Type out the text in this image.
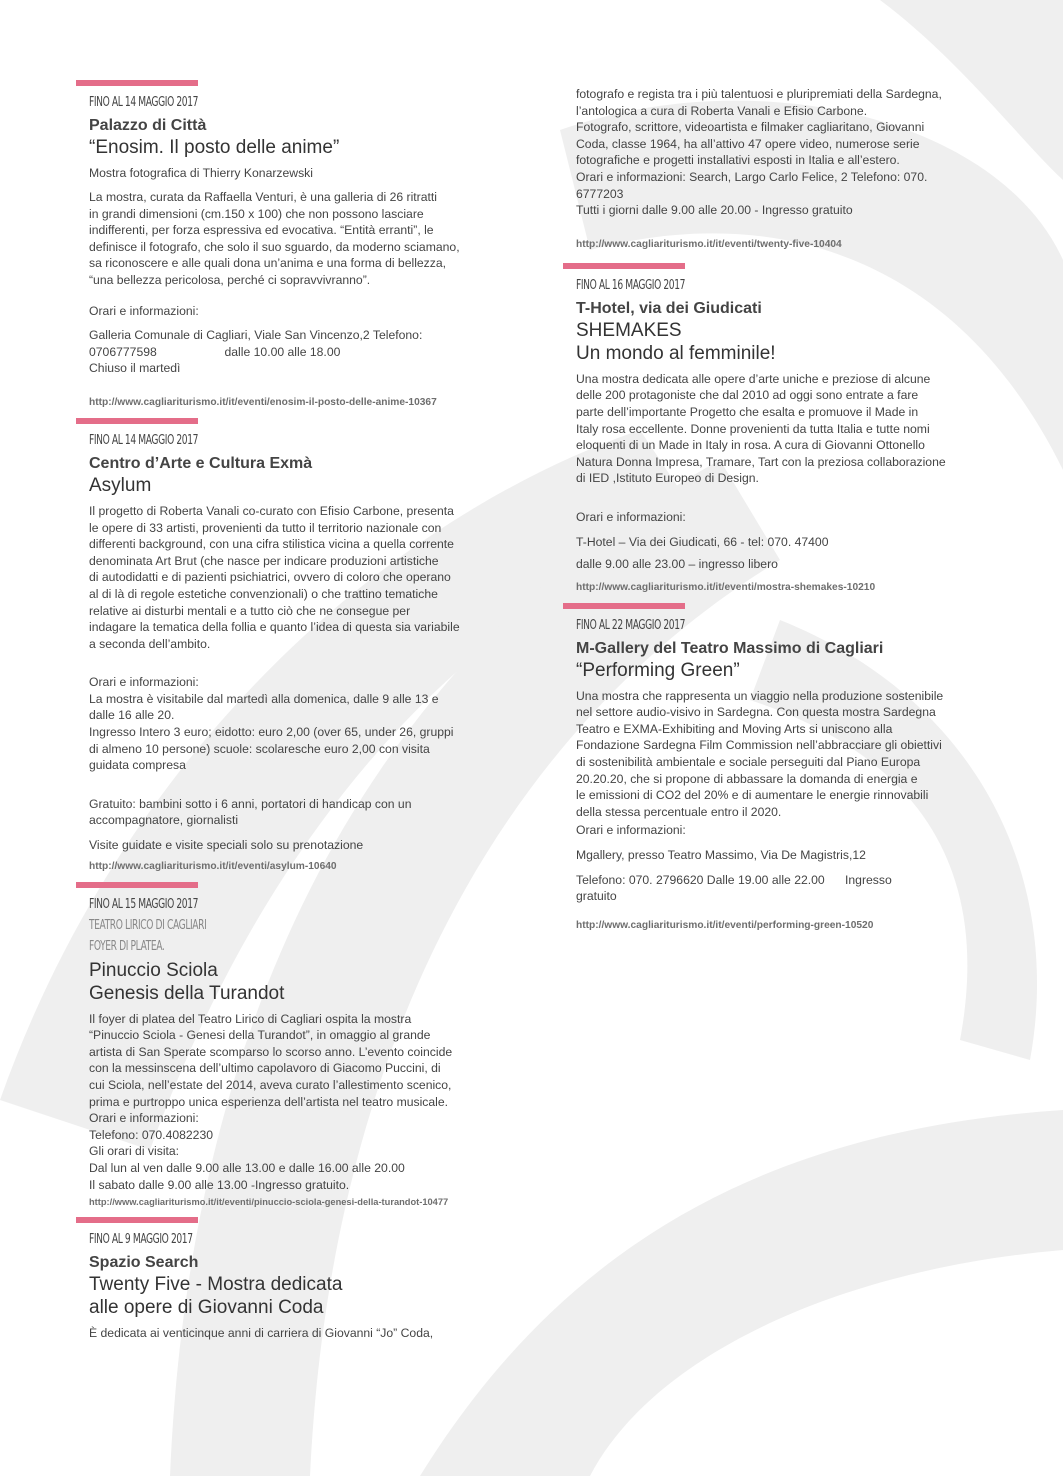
FINO AL 14 MAGGIO 2017
Palazzo di Città
“Enosim. Il posto delle anime”
Mostra fotografica di Thierry Konarzewski
La mostra, curata da Raffaella Venturi, è una galleria di 26 ritratti
in grandi dimensioni (cm.150 x 100) che non possono lasciare
indifferenti, per forza espressiva ed evocativa. “Entità erranti”, le
definisce il fotografo, che solo il suo sguardo, da moderno sciamano,
sa riconoscere e alle quali dona un’anima e una forma di bellezza,
“una bellezza pericolosa, perché ci sopravvivranno”.
Orari e informazioni:
Galleria Comunale di Cagliari, Viale San Vincenzo,2 Telefono:
0706777598                    dalle 10.00 alle 18.00
Chiuso il martedì
http://www.cagliariturismo.it/it/eventi/enosim-il-posto-delle-anime-10367
FINO AL 14 MAGGIO 2017
Centro d’Arte e Cultura Exmà
Asylum
Il progetto di Roberta Vanali co-curato con Efisio Carbone, presenta
le opere di 33 artisti, provenienti da tutto il territorio nazionale con
differenti background, con una cifra stilistica vicina a quella corrente
denominata Art Brut (che nasce per indicare produzioni artistiche
di autodidatti e di pazienti psichiatrici, ovvero di coloro che operano
al di là di regole estetiche convenzionali) o che trattino tematiche
relative ai disturbi mentali e a tutto ciò che ne consegue per
indagare la tematica della follia e quanto l’idea di questa sia variabile
a seconda dell’ambito.
Orari e informazioni:
La mostra è visitabile dal martedì alla domenica, dalle 9 alle 13 e
dalle 16 alle 20.
Ingresso Intero 3 euro; eidotto: euro 2,00 (over 65, under 26, gruppi
di almeno 10 persone) scuole: scolaresche euro 2,00 con visita
guidata compresa
Gratuito: bambini sotto i 6 anni, portatori di handicap con un
accompagnatore, giornalisti
Visite guidate e visite speciali solo su prenotazione
http://www.cagliariturismo.it/it/eventi/asylum-10640
FINO AL 15 MAGGIO 2017
TEATRO LIRICO DI CAGLIARI
FOYER DI PLATEA.
Pinuccio Sciola
Genesis della Turandot
Il foyer di platea del Teatro Lirico di Cagliari ospita la mostra
“Pinuccio Sciola - Genesi della Turandot”, in omaggio al grande
artista di San Sperate scomparso lo scorso anno. L’evento coincide
con la messinscena dell’ultimo capolavoro di Giacomo Puccini, di
cui Sciola, nell’estate del 2014, aveva curato l’allestimento scenico,
prima e purtroppo unica esperienza dell’artista nel teatro musicale.
Orari e informazioni:
Telefono: 070.4082230
Gli orari di visita:
Dal lun al ven dalle 9.00 alle 13.00 e dalle 16.00 alle 20.00
Il sabato dalle 9.00 alle 13.00 -Ingresso gratuito.
http://www.cagliariturismo.it/it/eventi/pinuccio-sciola-genesi-della-turandot-10477
FINO AL 9 MAGGIO 2017
Spazio Search
Twenty Five - Mostra dedicata
alle opere di Giovanni Coda
È dedicata ai venticinque anni di carriera di Giovanni “Jo” Coda,
fotografo e regista tra i più talentuosi e pluripremiati della Sardegna,
l’antologica a cura di Roberta Vanali e Efisio Carbone.
Fotografo, scrittore, videoartista e filmaker cagliaritano, Giovanni
Coda, classe 1964, ha all’attivo 47 opere video, numerose serie
fotografiche e progetti installativi esposti in Italia e all’estero.
Orari e informazioni: Search, Largo Carlo Felice, 2 Telefono: 070.
6777203
Tutti i giorni dalle 9.00 alle 20.00 - Ingresso gratuito
http://www.cagliariturismo.it/it/eventi/twenty-five-10404
FINO AL 16 MAGGIO 2017
T-Hotel, via dei Giudicati
SHEMAKES
Un mondo al femminile!
Una mostra dedicata alle opere d’arte uniche e preziose di alcune
delle 200 protagoniste che dal 2010 ad oggi sono entrate a fare
parte dell’importante Progetto che esalta e promuove il Made in
Italy rosa eccellente. Donne provenienti da tutta Italia e tutte nomi
eloquenti di un Made in Italy in rosa. A cura di Giovanni Ottonello
Natura Donna Impresa, Tramare, Tart con la preziosa collaborazione
di IED ,Istituto Europeo di Design.
Orari e informazioni:
T-Hotel – Via dei Giudicati, 66 - tel: 070. 47400
dalle 9.00 alle 23.00 – ingresso libero
http://www.cagliariturismo.it/it/eventi/mostra-shemakes-10210
FINO AL 22 MAGGIO 2017
M-Gallery del Teatro Massimo di Cagliari
“Performing Green”
Una mostra che rappresenta un viaggio nella produzione sostenibile
nel settore audio-visivo in Sardegna. Con questa mostra Sardegna
Teatro e EXMA-Exhibiting and Moving Arts si uniscono alla
Fondazione Sardegna Film Commission nell’abbracciare gli obiettivi
di sostenibilità ambientale e sociale perseguiti dal Piano Europa
20.20.20, che si propone di abbassare la domanda di energia e
le emissioni di CO2 del 20% e di aumentare le energie rinnovabili
della stessa percentuale entro il 2020.
Orari e informazioni:
Mgallery, presso Teatro Massimo, Via De Magistris,12
Telefono: 070. 2796620 Dalle 19.00 alle 22.00      Ingresso
gratuito
http://www.cagliariturismo.it/it/eventi/performing-green-10520
